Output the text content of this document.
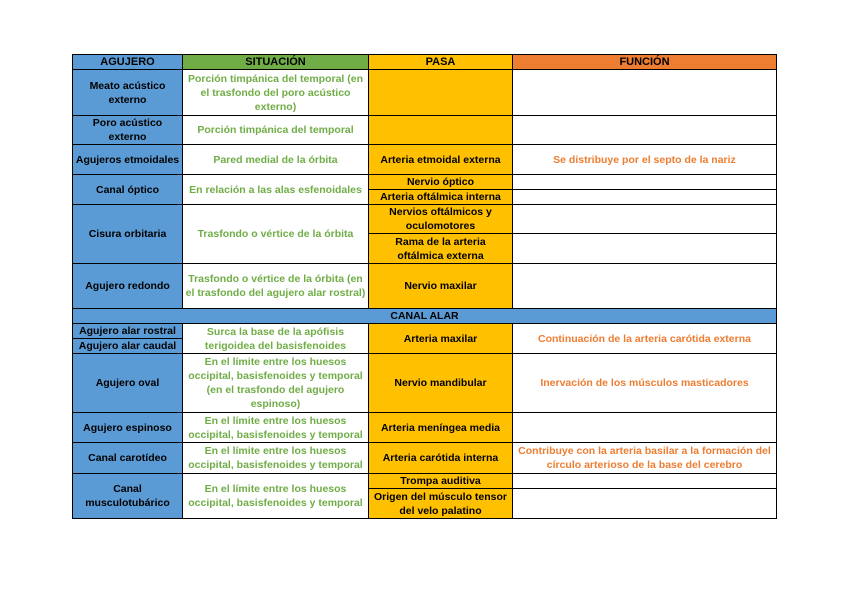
AGUJERO	SITUACIÓN	PASA	FUNCIÓN
Meato acústico externo	Porción timpánica del temporal (en el trasfondo del poro acústico externo)		
Poro acústico externo	Porción timpánica del temporal		
Agujeros etmoidales	Pared medial de la órbita	Arteria etmoidal externa	Se distribuye por el septo de la nariz
Canal óptico	En relación a las alas esfenoidales	Nervio óptico	
		Arteria oftálmica interna	
Cisura orbitaria	Trasfondo o vértice de la órbita	Nervios oftálmicos y oculomotores	
		Rama de la arteria oftálmica externa	
Agujero redondo	Trasfondo o vértice de la órbita (en el trasfondo del agujero alar rostral)	Nervio maxilar	
CANAL ALAR			
Agujero alar rostral	Surca la base de la apófisis terigoidea del basisfenoides	Arteria maxilar	Continuación de la arteria carótida externa
Agujero alar caudal			
Agujero oval	En el límite entre los huesos occipital, basisfenoides y temporal (en el trasfondo del agujero espinoso)	Nervio mandibular	Inervación de los músculos masticadores
Agujero espinoso	En el límite entre los huesos occipital, basisfenoides y temporal	Arteria meníngea media	
Canal carotídeo	En el límite entre los huesos occipital, basisfenoides y temporal	Arteria carótida interna	Contribuye con la arteria basilar a la formación del círculo arterioso de la base del cerebro
Canal musculotubárico	En el límite entre los huesos occipital, basisfenoides y temporal	Trompa auditiva	
		Origen del músculo tensor del velo palatino	
